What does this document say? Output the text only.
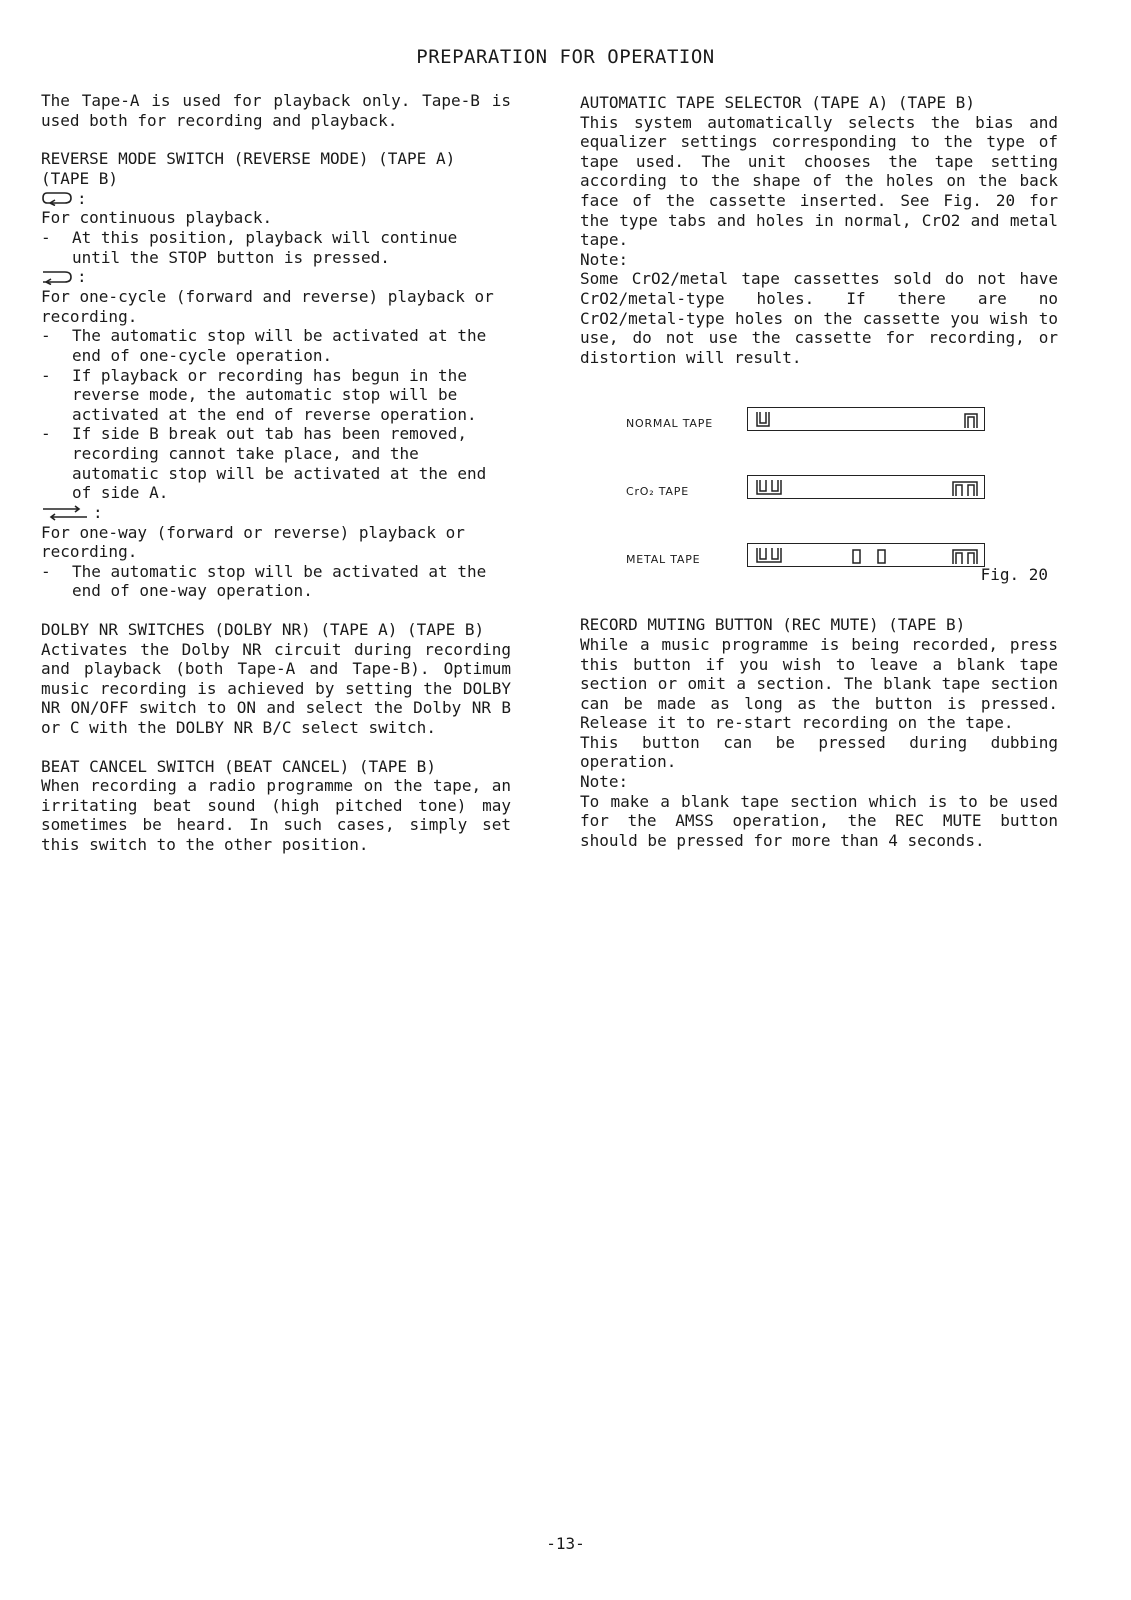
PREPARATION FOR OPERATION

The Tape-A is used for playback only. Tape-B is used both for recording and playback.

REVERSE MODE SWITCH (REVERSE MODE) (TAPE A) (TAPE B)

:

For continuous playback.

- At this position, playback will continue until the STOP button is pressed.
:

For one-cycle (forward and reverse) playback or recording.

- The automatic stop will be activated at the end of one-cycle operation.
- If playback or recording has begun in the reverse mode, the automatic stop will be activated at the end of reverse operation.
- If side B break out tab has been removed, recording cannot take place, and the automatic stop will be activated at the end of side A.
:

For one-way (forward or reverse) playback or recording.

- The automatic stop will be activated at the end of one-way operation.

DOLBY NR SWITCHES (DOLBY NR) (TAPE A) (TAPE B)

Activates the Dolby NR circuit during recording and playback (both Tape-A and Tape-B). Optimum music recording is achieved by setting the DOLBY NR ON/OFF switch to ON and select the Dolby NR B or C with the DOLBY NR B/C select switch.

BEAT CANCEL SWITCH (BEAT CANCEL) (TAPE B)

When recording a radio programme on the tape, an irritating beat sound (high pitched tone) may sometimes be heard. In such cases, simply set this switch to the other position.

AUTOMATIC TAPE SELECTOR (TAPE A) (TAPE B)

This system automatically selects the bias and equalizer settings corresponding to the type of tape used. The unit chooses the tape setting according to the shape of the holes on the back face of the cassette inserted. See Fig. 20 for the type tabs and holes in normal, CrO2 and metal tape.

Note:

Some CrO2/metal tape cassettes sold do not have CrO2/metal-type holes. If there are no CrO2/metal-type holes on the cassette you wish to use, do not use the cassette for recording, or distortion will result.

NORMAL TAPE
CrO₂ TAPE
METAL TAPE
Fig. 20

RECORD MUTING BUTTON (REC MUTE) (TAPE B)

While a music programme is being recorded, press this button if you wish to leave a blank tape section or omit a section. The blank tape section can be made as long as the button is pressed. Release it to re-start recording on the tape.

This button can be pressed during dubbing operation.

Note:

To make a blank tape section which is to be used for the AMSS operation, the REC MUTE button should be pressed for more than 4 seconds.

-13-
